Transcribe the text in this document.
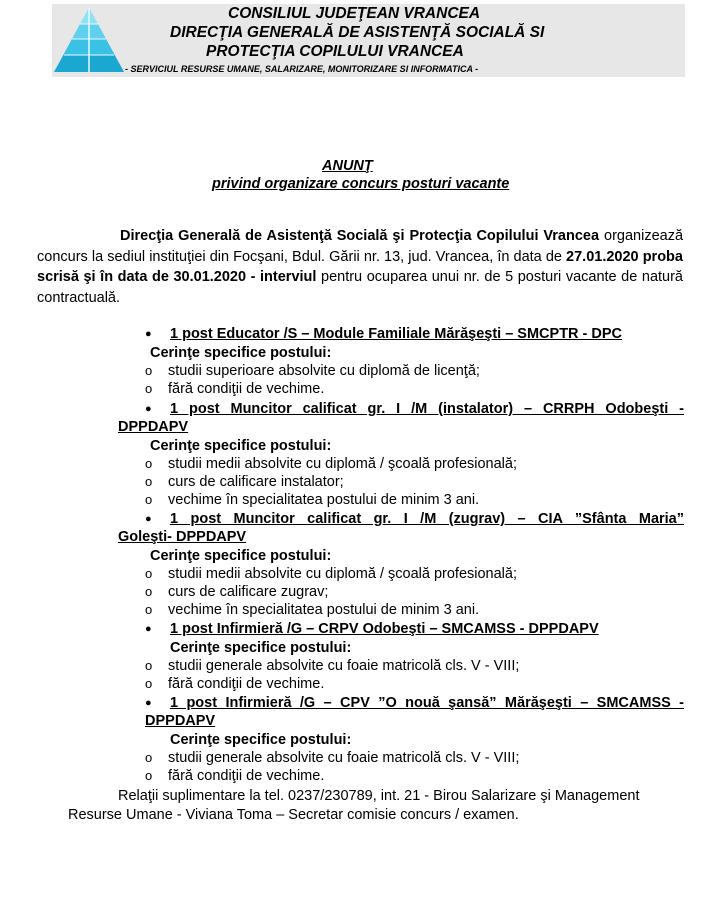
CONSILIUL JUDEŢEAN VRANCEA
DIRECŢIA GENERALĂ DE ASISTENŢĂ SOCIALĂ SI
PROTECŢIA COPILULUI VRANCEA
- SERVICIUL RESURSE UMANE, SALARIZARE, MONITORIZARE SI INFORMATICA -
ANUNŢ
privind organizare concurs posturi vacante
Direcţia Generală de Asistenţă Socială şi Protecţia Copilului Vrancea organizează concurs la sediul instituţiei din Focşani, Bdul. Gării nr. 13, jud. Vrancea, în data de 27.01.2020 proba scrisă şi în data de 30.01.2020 - interviul pentru ocuparea unui nr. de 5 posturi vacante de natură contractuală.
● 1 post Educator /S – Module Familiale Mărăşeşti – SMCPTR - DPC
Cerinţe specifice postului:
o studii superioare absolvite cu diplomă de licenţă;
o fără condiţii de vechime.
● 1 post Muncitor calificat gr. I /M (instalator) – CRRPH Odobeşti -
DPPDAPV
Cerinţe specifice postului:
o studii medii absolvite cu diplomă / şcoală profesională;
o curs de calificare instalator;
o vechime în specialitatea postului de minim 3 ani.
● 1 post Muncitor calificat gr. I /M (zugrav) – CIA ”Sfânta Maria”
Goleşti- DPPDAPV
Cerinţe specifice postului:
o studii medii absolvite cu diplomă / şcoală profesională;
o curs de calificare zugrav;
o vechime în specialitatea postului de minim 3 ani.
● 1 post Infirmieră /G – CRPV Odobeşti – SMCAMSS - DPPDAPV
Cerinţe specifice postului:
o studii generale absolvite cu foaie matricolă cls. V - VIII;
o fără condiţii de vechime.
● 1 post Infirmieră /G – CPV ”O nouă şansă” Mărăşeşti – SMCAMSS -
DPPDAPV
Cerinţe specifice postului:
o studii generale absolvite cu foaie matricolă cls. V - VIII;
o fără condiţii de vechime.
Relaţii suplimentare la tel. 0237/230789, int. 21 - Birou Salarizare şi Management
Resurse Umane - Viviana Toma – Secretar comisie concurs / examen.
